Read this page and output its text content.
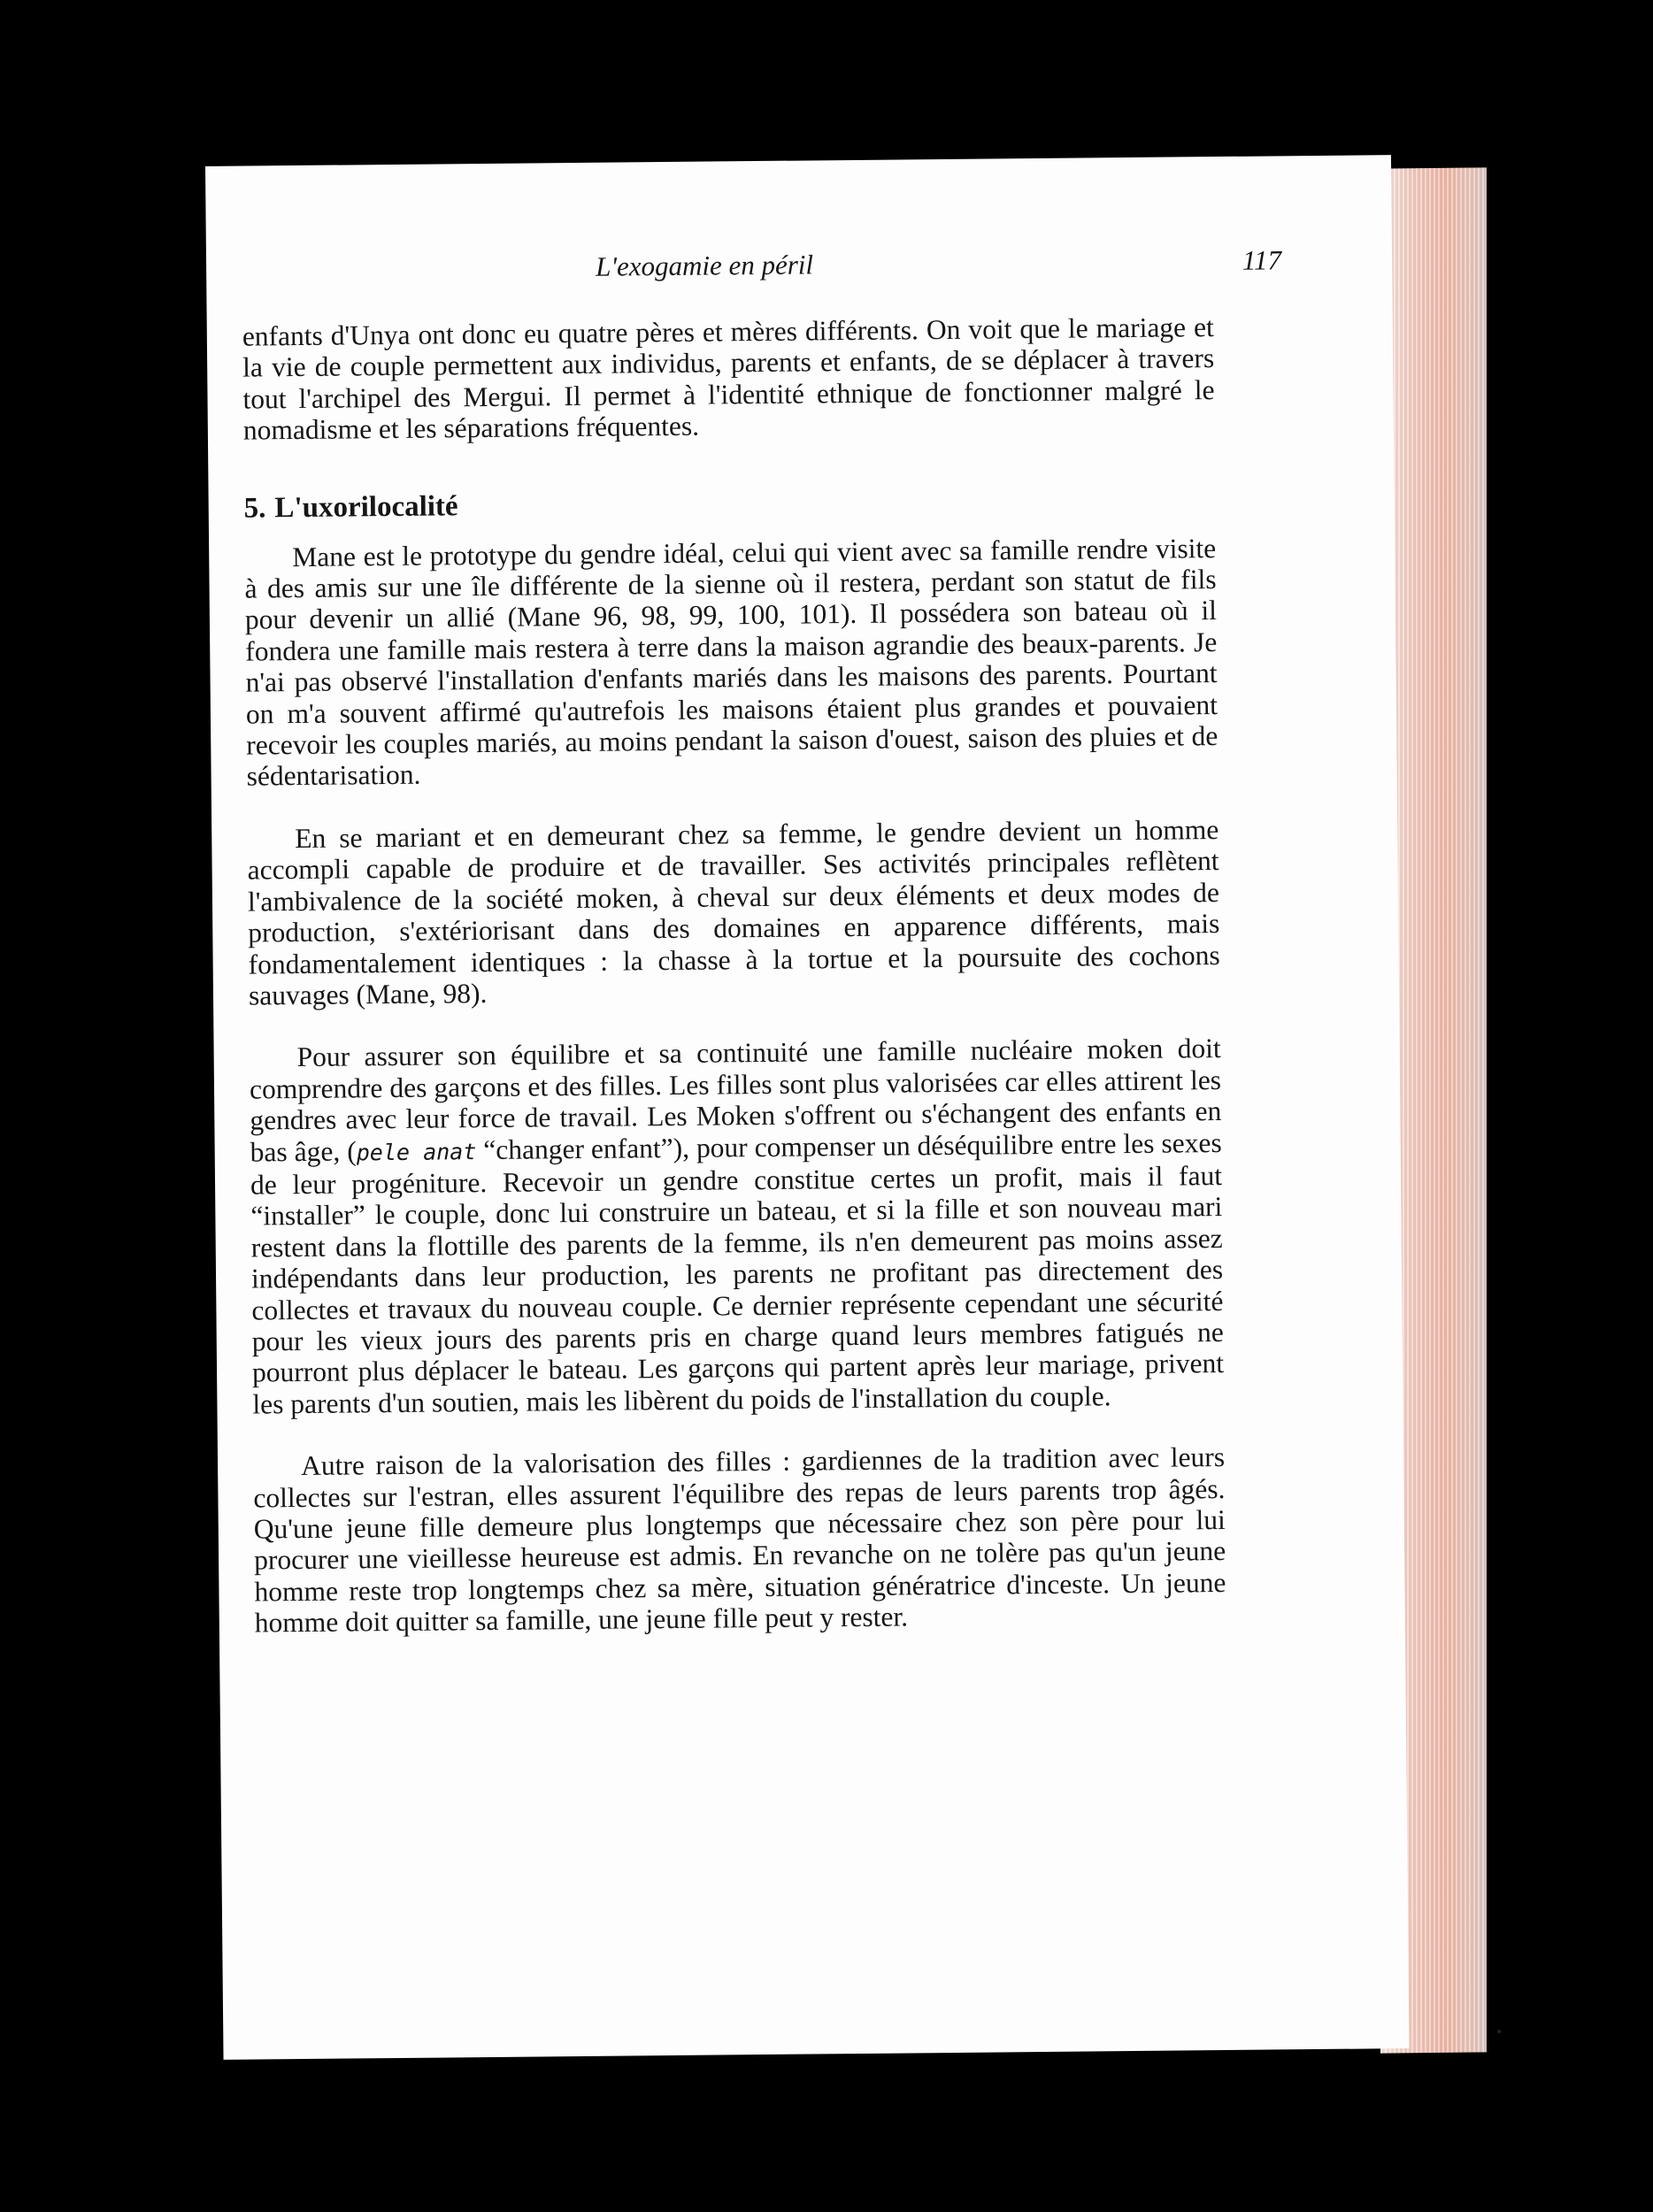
L'exogamie en péril	117

enfants d'Unya ont donc eu quatre pères et mères différents. On voit que le mariage et la vie de couple permettent aux individus, parents et enfants, de se déplacer à travers tout l'archipel des Mergui. Il permet à l'identité ethnique de fonctionner malgré le nomadisme et les séparations fréquentes.

5. L'uxorilocalité

Mane est le prototype du gendre idéal, celui qui vient avec sa famille rendre visite à des amis sur une île différente de la sienne où il restera, perdant son statut de fils pour devenir un allié (Mane 96, 98, 99, 100, 101). Il possédera son bateau où il fondera une famille mais restera à terre dans la maison agrandie des beaux-parents. Je n'ai pas observé l'installation d'enfants mariés dans les maisons des parents. Pourtant on m'a souvent affirmé qu'autrefois les maisons étaient plus grandes et pouvaient recevoir les couples mariés, au moins pendant la saison d'ouest, saison des pluies et de sédentarisation.

En se mariant et en demeurant chez sa femme, le gendre devient un homme accompli capable de produire et de travailler. Ses activités principales reflètent l'ambivalence de la société moken, à cheval sur deux éléments et deux modes de production, s'extériorisant dans des domaines en apparence différents, mais fondamentalement identiques : la chasse à la tortue et la poursuite des cochons sauvages (Mane, 98).

Pour assurer son équilibre et sa continuité une famille nucléaire moken doit comprendre des garçons et des filles. Les filles sont plus valorisées car elles attirent les gendres avec leur force de travail. Les Moken s'offrent ou s'échangent des enfants en bas âge, (pele anat “changer enfant”), pour compenser un déséquilibre entre les sexes de leur progéniture. Recevoir un gendre constitue certes un profit, mais il faut “installer” le couple, donc lui construire un bateau, et si la fille et son nouveau mari restent dans la flottille des parents de la femme, ils n'en demeurent pas moins assez indépendants dans leur production, les parents ne profitant pas directement des collectes et travaux du nouveau couple. Ce dernier représente cependant une sécurité pour les vieux jours des parents pris en charge quand leurs membres fatigués ne pourront plus déplacer le bateau. Les garçons qui partent après leur mariage, privent les parents d'un soutien, mais les libèrent du poids de l'installation du couple.

Autre raison de la valorisation des filles : gardiennes de la tradition avec leurs collectes sur l'estran, elles assurent l'équilibre des repas de leurs parents trop âgés. Qu'une jeune fille demeure plus longtemps que nécessaire chez son père pour lui procurer une vieillesse heureuse est admis. En revanche on ne tolère pas qu'un jeune homme reste trop longtemps chez sa mère, situation génératrice d'inceste. Un jeune homme doit quitter sa famille, une jeune fille peut y rester.
